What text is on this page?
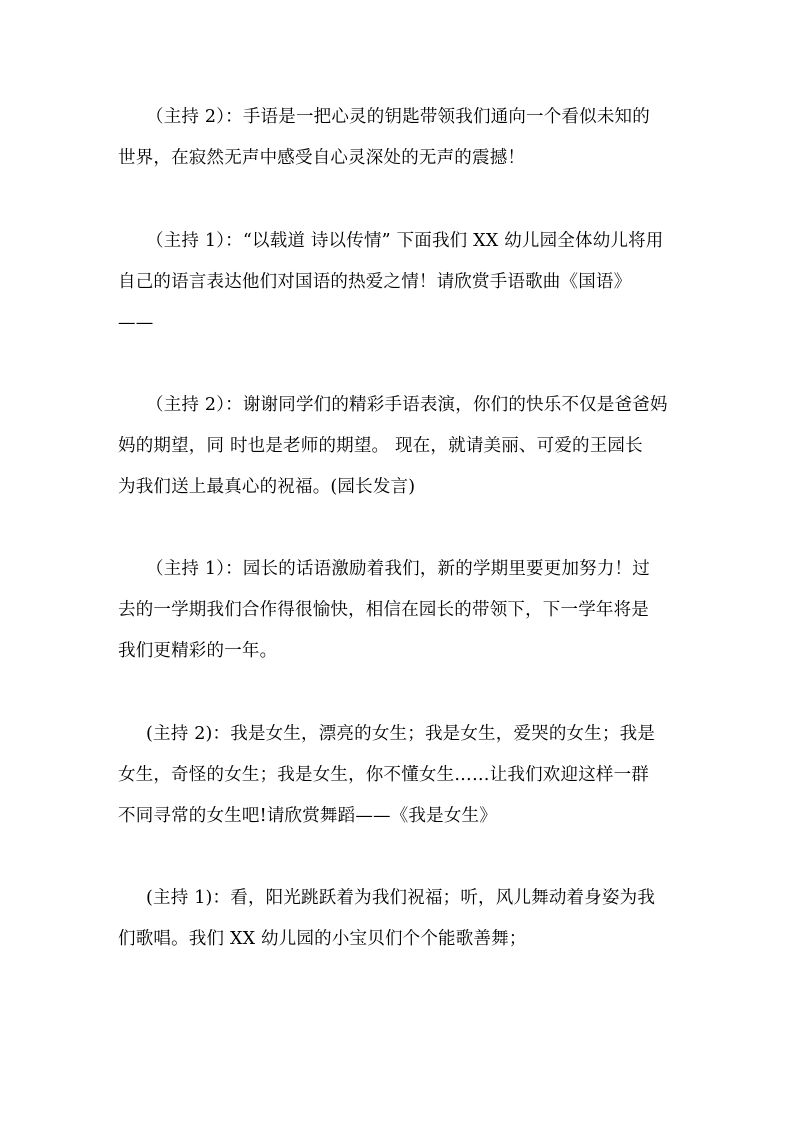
（主持 2）：手语是一把心灵的钥匙带领我们通向一个看似未知的
世界，在寂然无声中感受自心灵深处的无声的震撼！

（主持 1）：“以载道 诗以传情” 下面我们 XX 幼儿园全体幼儿将用
自己的语言表达他们对国语的热爱之情！请欣赏手语歌曲《国语》
——

（主持 2）：谢谢同学们的精彩手语表演，你们的快乐不仅是爸爸妈
妈的期望，同 时也是老师的期望。 现在，就请美丽、可爱的王园长
为我们送上最真心的祝福。(园长发言)

（主持 1）：园长的话语激励着我们，新的学期里要更加努力！过
去的一学期我们合作得很愉快，相信在园长的带领下，下一学年将是
我们更精彩的一年。

(主持 2)：我是女生，漂亮的女生；我是女生，爱哭的女生；我是
女生，奇怪的女生；我是女生，你不懂女生……让我们欢迎这样一群
不同寻常的女生吧!请欣赏舞蹈——《我是女生》

(主持 1)：看，阳光跳跃着为我们祝福；听，风儿舞动着身姿为我
们歌唱。我们 XX 幼儿园的小宝贝们个个能歌善舞；
